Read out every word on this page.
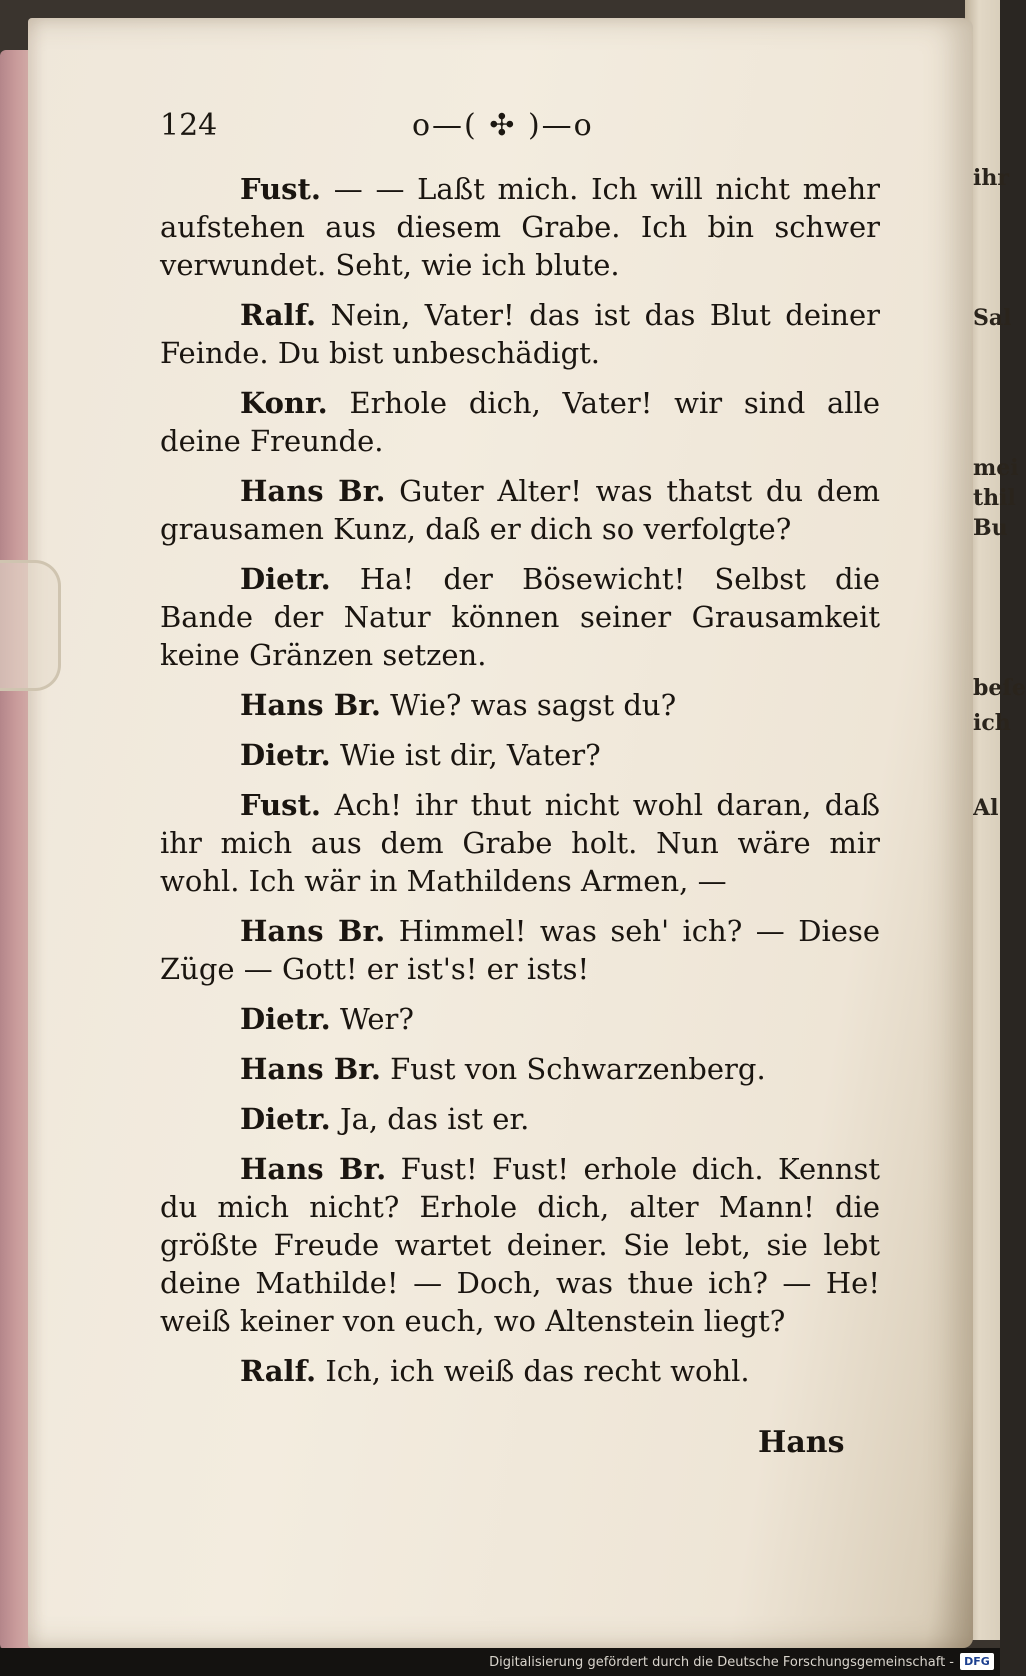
ihr
Sal
mei
thil
Bu
beſe
ich
Al
124	o—( ✣ )—o

Fust. — — Laßt mich. Ich will nicht mehr aufstehen aus diesem Grabe. Ich bin schwer verwundet. Seht, wie ich blute.

Ralf. Nein, Vater! das ist das Blut deiner Feinde. Du bist unbeschädigt.

Konr. Erhole dich, Vater! wir sind alle deine Freunde.

Hans Br. Guter Alter! was thatst du dem grausamen Kunz, daß er dich so verfolgte?

Dietr. Ha! der Bösewicht! Selbst die Bande der Natur können seiner Grausamkeit keine Gränzen setzen.

Hans Br. Wie? was sagst du?

Dietr. Wie ist dir, Vater?

Fust. Ach! ihr thut nicht wohl daran, daß ihr mich aus dem Grabe holt. Nun wäre mir wohl. Ich wär in Mathildens Armen, —

Hans Br. Himmel! was seh' ich? — Diese Züge — Gott! er ist's! er ists!

Dietr. Wer?

Hans Br. Fust von Schwarzenberg.

Dietr. Ja, das ist er.

Hans Br. Fust! Fust! erhole dich. Kennst du mich nicht? Erhole dich, alter Mann! die größte Freude wartet deiner. Sie lebt, sie lebt deine Mathilde! — Doch, was thue ich? — He! weiß keiner von euch, wo Altenstein liegt?

Ralf. Ich, ich weiß das recht wohl.

Hans
Digitalisierung gefördert durch die Deutsche Forschungsgemeinschaft - DFG
